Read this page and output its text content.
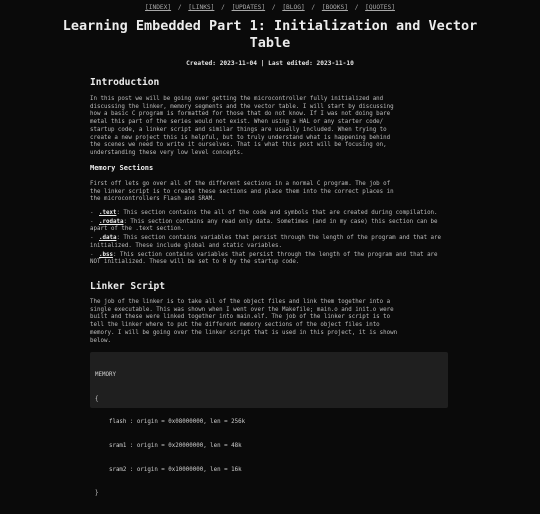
[INDEX] / [LINKS] / [UPDATES] / [BLOG] / [BOOKS] / [QUOTES]
Learning Embedded Part 1: Initialization and Vector Table
Created: 2023-11-04 | Last edited: 2023-11-10
Introduction
In this post we will be going over getting the microcontroller fully initialized and
discussing the linker, memory segments and the vector table. I will start by discussing
how a basic C program is formatted for those that do not know. If I was not doing bare
metal this part of the series would not exist. When using a HAL or any starter code/
startup code, a linker script and similar things are usually included. When trying to
create a new project this is helpful, but to truly understand what is happening behind
the scenes we need to write it ourselves. That is what this post will be focusing on,
understanding these very low level concepts.
Memory Sections
First off lets go over all of the different sections in a normal C program. The job of
the linker script is to create these sections and place them into the correct places in
the microcontrollers Flash and SRAM.
- .text: This section contains the all of the code and symbols that are created during compilation.
- .rodata: This section contains any read only data. Sometimes (and in my case) this section can be apart of the .text section.
- .data: This section contains variables that persist through the length of the program and that are initialized. These include global and static variables.
- .bss: This section contains variables that persist through the length of the program and that are NOT initialized. These will be set to 0 by the startup code.
Linker Script
The job of the linker is to take all of the object files and link them together into a
single executable. This was shown when I went over the Makefile; main.o and init.o were
built and these were linked together into main.elf. The job of the linker script is to
tell the linker where to put the different memory sections of the object files into
memory. I will be going over the linker script that is used in this project, it is shown
below.

MEMORY

{

flash : origin = 0x08000000, len = 256k

sram1 : origin = 0x20000000, len = 48k

sram2 : origin = 0x10000000, len = 16k

}
